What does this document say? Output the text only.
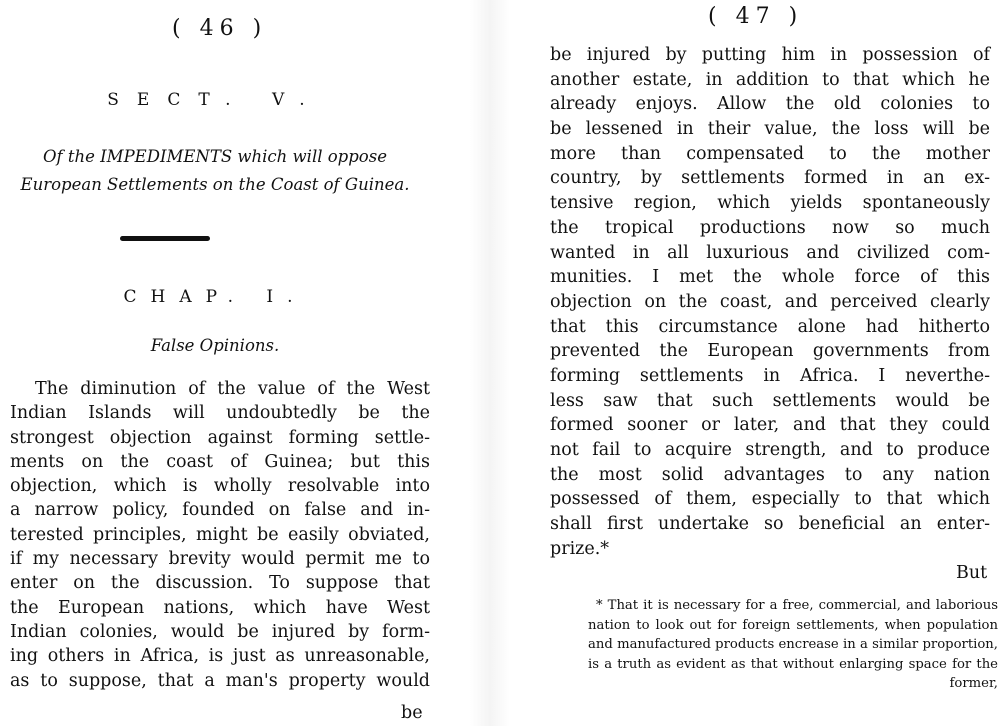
( 46 )
SECT. V.
Of the IMPEDIMENTS which will oppose
European Settlements on the Coast of Guinea.
CHAP. I.
False Opinions.
The diminution of the value of the West
Indian Islands will undoubtedly be the
strongest objection against forming settle-
ments on the coast of Guinea; but this
objection, which is wholly resolvable into
a narrow policy, founded on false and in-
terested principles, might be easily obviated,
if my necessary brevity would permit me to
enter on the discussion. To suppose that
the European nations, which have West
Indian colonies, would be injured by form-
ing others in Africa, is just as unreasonable,
as to suppose, that a man's property would
be
( 47 )
be injured by putting him in possession of
another estate, in addition to that which he
already enjoys. Allow the old colonies to
be lessened in their value, the loss will be
more than compensated to the mother
country, by settlements formed in an ex-
tensive region, which yields spontaneously
the tropical productions now so much
wanted in all luxurious and civilized com-
munities. I met the whole force of this
objection on the coast, and perceived clearly
that this circumstance alone had hitherto
prevented the European governments from
forming settlements in Africa. I neverthe-
less saw that such settlements would be
formed sooner or later, and that they could
not fail to acquire strength, and to produce
the most solid advantages to any nation
possessed of them, especially to that which
shall first undertake so beneficial an enter-
prize.*
But
* That it is necessary for a free, commercial, and laborious
nation to look out for foreign settlements, when population
and manufactured products encrease in a similar proportion,
is a truth as evident as that without enlarging space for the
former,
